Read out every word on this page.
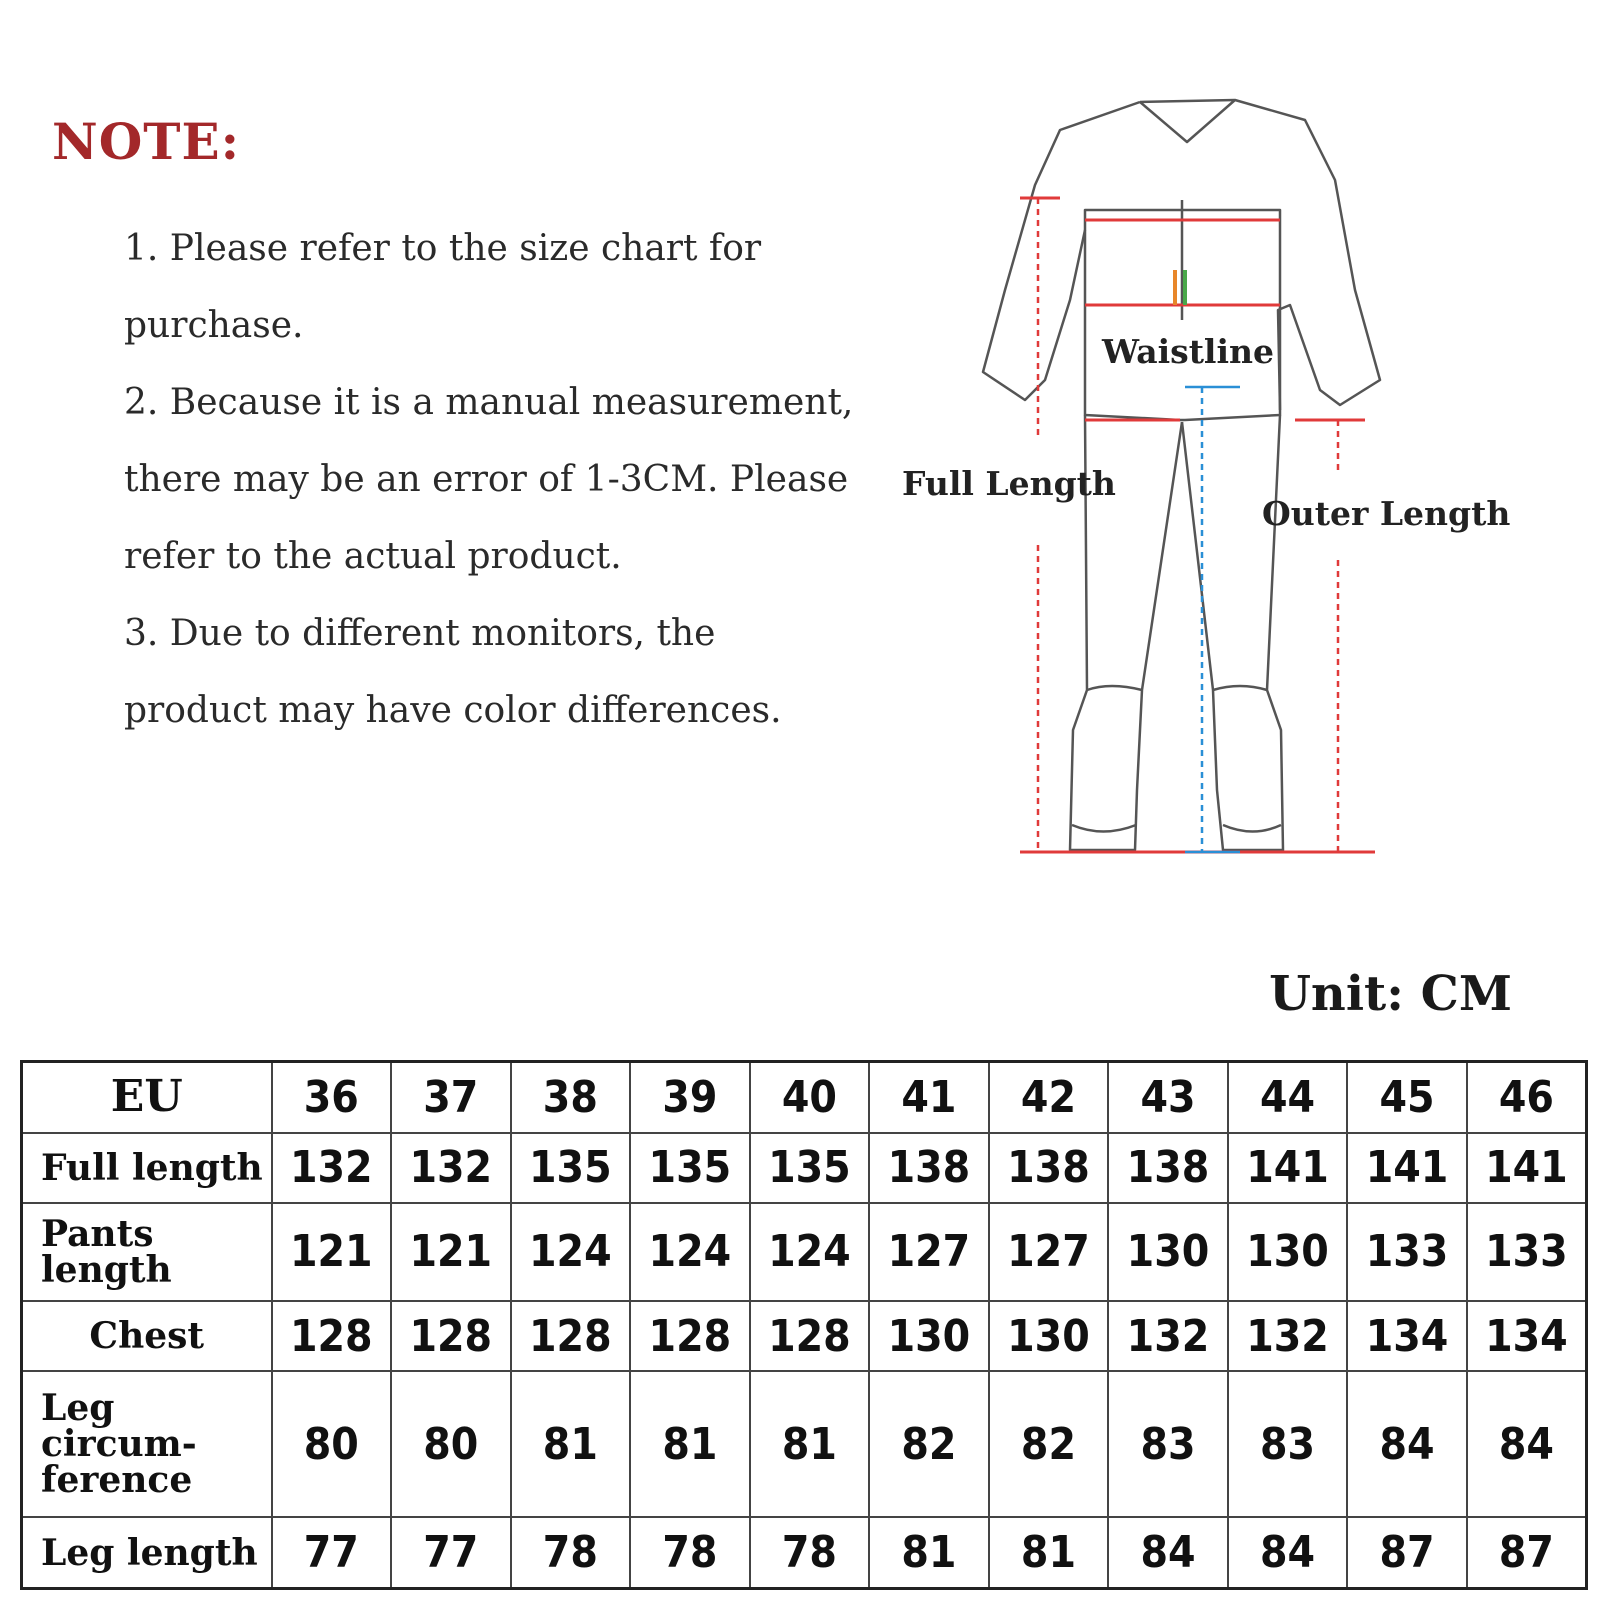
NOTE:

1. Please refer to the size chart for purchase.

2. Because it is a manual measurement, there may be an error of 1-3CM. Please refer to the actual product.

3. Due to different monitors, the product may have color differences.

Waistline
Full Length
Outer Length
Unit: CM
EU	36	37	38	39	40	41	42	43	44	45	46
Full length	132	132	135	135	135	138	138	138	141	141	141
Pants length	121	121	124	124	124	127	127	130	130	133	133
Chest	128	128	128	128	128	130	130	132	132	134	134
Leg circum-ference	80	80	81	81	81	82	82	83	83	84	84
Leg length	77	77	78	78	78	81	81	84	84	87	87
